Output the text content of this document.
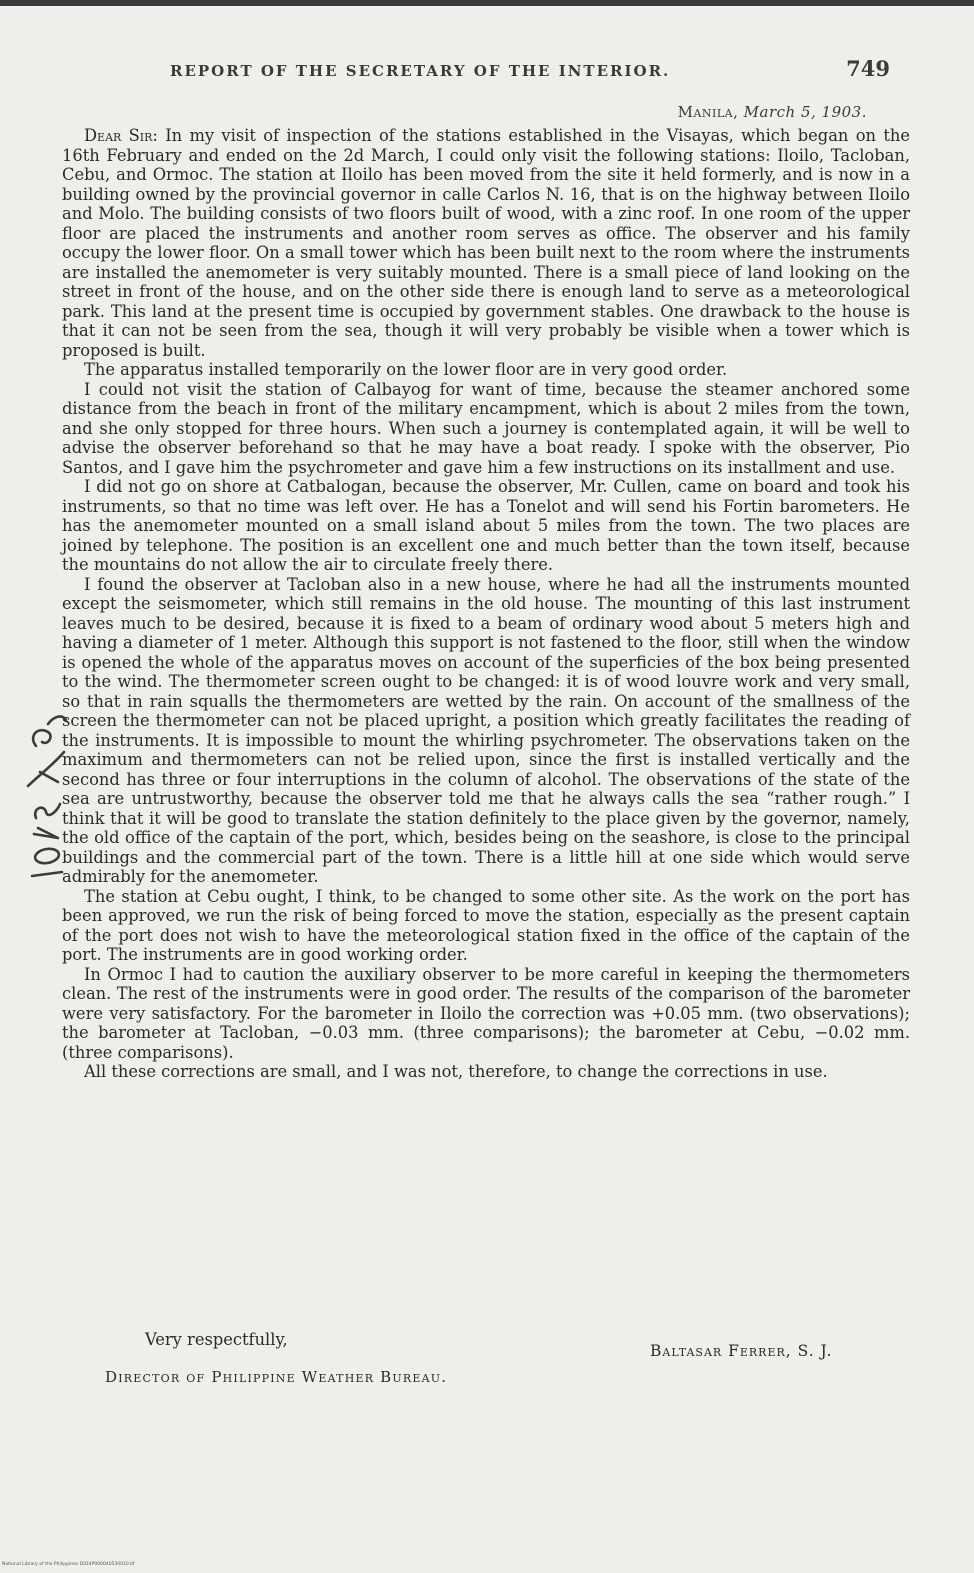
REPORT OF THE SECRETARY OF THE INTERIOR.	749
Manila, March 5, 1903.

Dear Sir: In my visit of inspection of the stations established in the Visayas, which began on the 16th February and ended on the 2d March, I could only visit the following stations: Iloilo, Tacloban, Cebu, and Ormoc. The station at Iloilo has been moved from the site it held formerly, and is now in a building owned by the provincial governor in calle Carlos N. 16, that is on the highway between Iloilo and Molo. The building consists of two floors built of wood, with a zinc roof. In one room of the upper floor are placed the instruments and another room serves as office. The observer and his family occupy the lower floor. On a small tower which has been built next to the room where the instruments are installed the anemometer is very suitably mounted. There is a small piece of land looking on the street in front of the house, and on the other side there is enough land to serve as a meteorological park. This land at the present time is occupied by government stables. One drawback to the house is that it can not be seen from the sea, though it will very probably be visible when a tower which is proposed is built.

The apparatus installed temporarily on the lower floor are in very good order.

I could not visit the station of Calbayog for want of time, because the steamer anchored some distance from the beach in front of the military encampment, which is about 2 miles from the town, and she only stopped for three hours. When such a journey is contemplated again, it will be well to advise the observer beforehand so that he may have a boat ready. I spoke with the observer, Pio Santos, and I gave him the psychrometer and gave him a few instructions on its installment and use.

I did not go on shore at Catbalogan, because the observer, Mr. Cullen, came on board and took his instruments, so that no time was left over. He has a Tonelot and will send his Fortin barometers. He has the anemometer mounted on a small island about 5 miles from the town. The two places are joined by telephone. The position is an excellent one and much better than the town itself, because the mountains do not allow the air to circulate freely there.

I found the observer at Tacloban also in a new house, where he had all the instruments mounted except the seismometer, which still remains in the old house. The mounting of this last instrument leaves much to be desired, because it is fixed to a beam of ordinary wood about 5 meters high and having a diameter of 1 meter. Although this support is not fastened to the floor, still when the window is opened the whole of the apparatus moves on account of the superficies of the box being presented to the wind. The thermometer screen ought to be changed: it is of wood louvre work and very small, so that in rain squalls the thermometers are wetted by the rain. On account of the smallness of the screen the thermometer can not be placed upright, a position which greatly facilitates the reading of the instruments. It is impossible to mount the whirling psychrometer. The observations taken on the maximum and thermometers can not be relied upon, since the first is installed vertically and the second has three or four interruptions in the column of alcohol. The observations of the state of the sea are untrustworthy, because the observer told me that he always calls the sea “rather rough.” I think that it will be good to translate the station definitely to the place given by the governor, namely, the old office of the captain of the port, which, besides being on the seashore, is close to the principal buildings and the commercial part of the town. There is a little hill at one side which would serve admirably for the anemometer.

The station at Cebu ought, I think, to be changed to some other site. As the work on the port has been approved, we run the risk of being forced to move the station, especially as the present captain of the port does not wish to have the meteorological station fixed in the office of the captain of the port. The instruments are in good working order.

In Ormoc I had to caution the auxiliary observer to be more careful in keeping the thermometers clean. The rest of the instruments were in good order. The results of the comparison of the barometer were very satisfactory. For the barometer in Iloilo the correction was +0.05 mm. (two observations); the barometer at Tacloban, −0.03 mm. (three comparisons); the barometer at Cebu, −0.02 mm. (three comparisons).

All these corrections are small, and I was not, therefore, to change the corrections in use.

Very respectfully,
Baltasar Ferrer, S. J.
Director of Philippine Weather Bureau.
National Library of the Philippines D024P000040530010.tif
